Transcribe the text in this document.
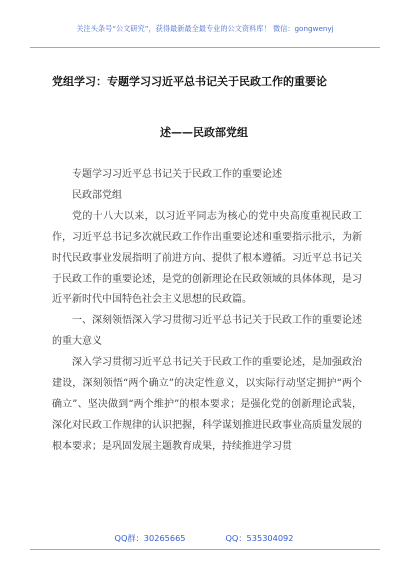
关注头条号“公文研究”，获得最新最全最专业的公文资料库！ 微信：gongwenyj
党组学习：专题学习习近平总书记关于民政工作的重要论
述——民政部党组

专题学习习近平总书记关于民政工作的重要论述

民政部党组

党的十八大以来，以习近平同志为核心的党中央高度重视民政工作，习近平总书记多次就民政工作作出重要论述和重要指示批示，为新时代民政事业发展指明了前进方向、提供了根本遵循。习近平总书记关于民政工作的重要论述，是党的创新理论在民政领域的具体体现，是习近平新时代中国特色社会主义思想的民政篇。

一、深刻领悟深入学习贯彻习近平总书记关于民政工作的重要论述的重大意义

深入学习贯彻习近平总书记关于民政工作的重要论述，是加强政治建设，深刻领悟“两个确立”的决定性意义，以实际行动坚定拥护“两个确立”、坚决做到“两个维护”的根本要求；是强化党的创新理论武装，深化对民政工作规律的认识把握，科学谋划推进民政事业高质量发展的根本要求；是巩固发展主题教育成果，持续推进学习贯

QQ群：30265665	QQ：535304092
